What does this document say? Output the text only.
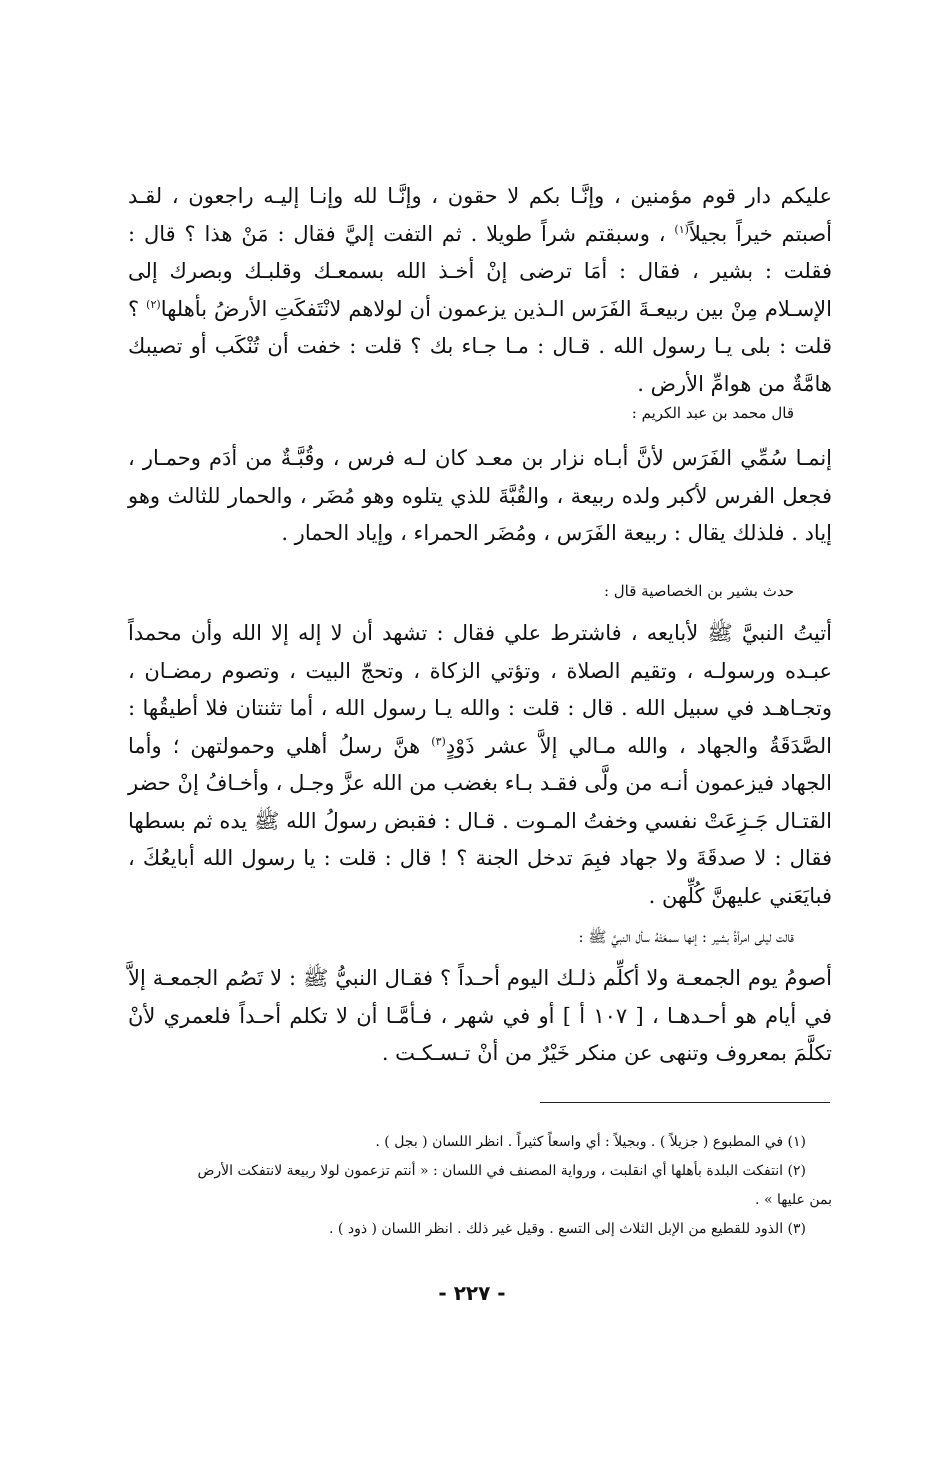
عليكم دار قوم مؤمنين ، وإنَّـا بكم لا حقون ، وإنَّـا لله وإنـا إليـه راجعون ، لقـد أصبتم خيراً بجيلاً$^{(١)}$ ، وسبقتم شراً طويلا . ثم التفت إليَّ فقال : مَنْ هذا ؟ قال : فقلت : بشير ، فقال : أمَا ترضى إنْ أخـذ الله بسمعـك وقلبـك وبصرك إلى الإسـلام مِنْ بين ربيعـةَ الفَرَس الـذين يزعمون أن لولاهم لانْتَفكَتِ الأرضُ بأهلها$^{(٢)}$ ؟ قلت : بلى يـا رسول الله . قـال : مـا جـاء بك ؟ قلت : خفت أن تُنْكَب أو تصيبك هامَّةٌ من هوامِّ الأرض .

قال محمد بن عبد الكريم :

إنمـا سُمِّي الفَرَس لأنَّ أبـاه نزار بن معـد كان لـه فرس ، وقُبَّـةٌ من أدَم وحمـار ، فجعل الفرس لأكبر ولده ربيعة ، والقُبَّةَ للذي يتلوه وهو مُضَر ، والحمار للثالث وهو إياد . فلذلك يقال : ربيعة الفَرَس ، ومُضَر الحمراء ، وإياد الحمار .

حدث بشير بن الخصاصية قال :

أتيتُ النبيَّ ﷺ لأبايعه ، فاشترط علي فقال : تشهد أن لا إله إلا الله وأن محمداً عبـده ورسولـه ، وتقيم الصلاة ، وتؤتي الزكاة ، وتحجّ البيت ، وتصوم رمضـان ، وتجـاهـد في سبيل الله . قال : قلت : والله يـا رسول الله ، أما تثنتان فلا أطيقُها : الصَّدَقَةُ والجهاد ، والله مـالي إلاَّ عشر ذَوْدٍ$^{(٣)}$ هنَّ رسلُ أهلي وحمولتهن ؛ وأما الجهاد فيزعمون أنـه من ولَّى فقـد بـاء بغضب من الله عزَّ وجـل ، وأخـافُ إنْ حضر القتـال جَـزِعَتْ نفسي وخفتُ المـوت . قـال : فقبض رسولُ الله ﷺ يده ثم بسطها فقال : لا صدقَةَ ولا جهاد فبِمَ تدخل الجنة ؟ ! قال : قلت : يا رسول الله أبايعُكَ ، فبايَعَني عليهنَّ كُلِّهن .

قالت ليلى امرأةُ بشير : إنها سمعَتْهُ سأل النبيَّ ﷺ :

أصومُ يوم الجمعـة ولا أكلِّم ذلـك اليوم أحـداً ؟ فقـال النبيُّ ﷺ : لا تَصُم الجمعـة إلاَّ في أيام هو أحـدهـا ، [ ١٠٧ أ ] أو في شهر ، فـأمَّـا أن لا تكلم أحـداً فلعمري لأنْ تكلَّمَ بمعروف وتنهى عن منكر خَيْرٌ من أنْ تـسـكـت .

(١) في المطبوع ( جزيلاً ) . وبجيلاً : أي واسعاً كثيراً . انظر اللسان ( بجل ) .

(٢) انتفكت البلدة بأهلها أي انقلبت ، ورواية المصنف في اللسان : « أنتم تزعمون لولا ربيعة لانتفكت الأرض

بمن عليها » .

(٣) الذود للقطيع من الإبل الثلاث إلى التسع . وقيل غير ذلك . انظر اللسان ( ذود ) .

- ٢٢٧ -
